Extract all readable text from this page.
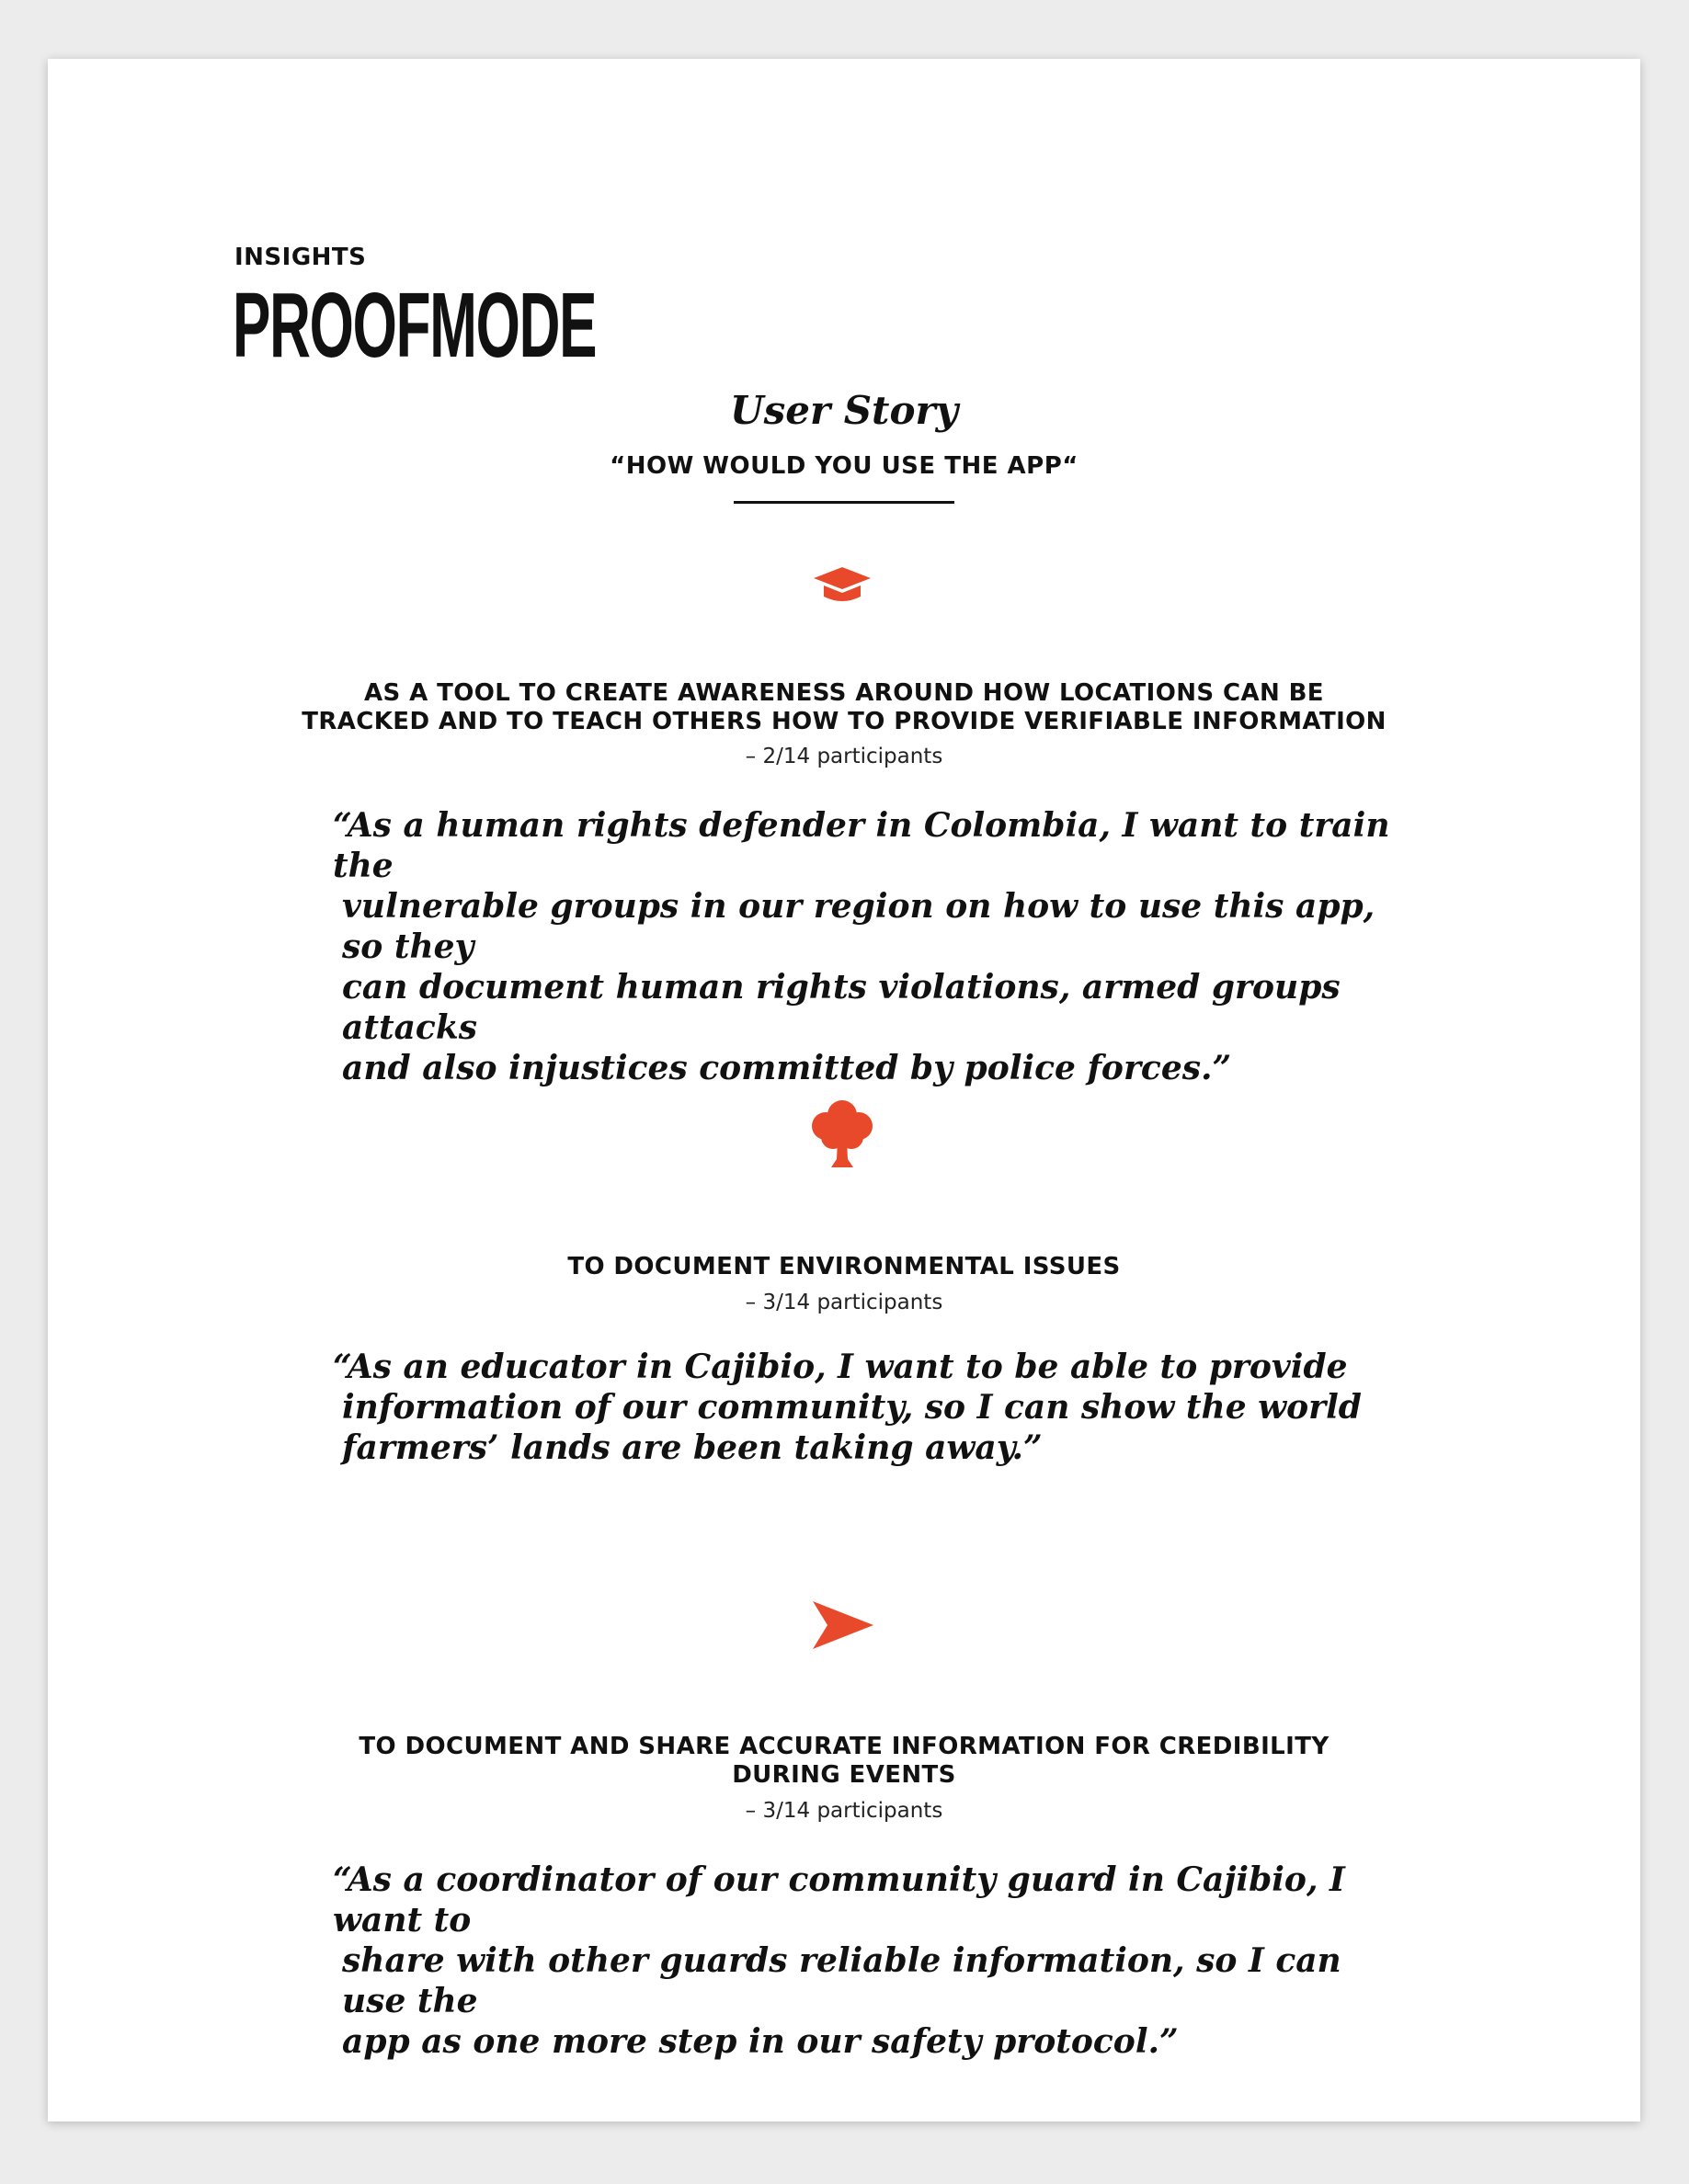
INSIGHTS
PROOFMODE
User Story
“HOW WOULD YOU USE THE APP“
AS A TOOL TO CREATE AWARENESS AROUND HOW LOCATIONS CAN BE
TRACKED AND TO TEACH OTHERS HOW TO PROVIDE VERIFIABLE INFORMATION
– 2/14 participants
“As a human rights defender in Colombia, I want to train the
vulnerable groups in our region on how to use this app, so they
can document human rights violations, armed groups attacks
and also injustices committed by police forces.”
TO DOCUMENT ENVIRONMENTAL ISSUES
– 3/14 participants
“As an educator in Cajibio, I want to be able to provide
information of our community, so I can show the world
farmers’ lands are been taking away.”
TO DOCUMENT AND SHARE ACCURATE INFORMATION FOR CREDIBILITY
DURING EVENTS
– 3/14 participants
“As a coordinator of our community guard in Cajibio, I want to
share with other guards reliable information, so I can use the
app as one more step in our safety protocol.”
